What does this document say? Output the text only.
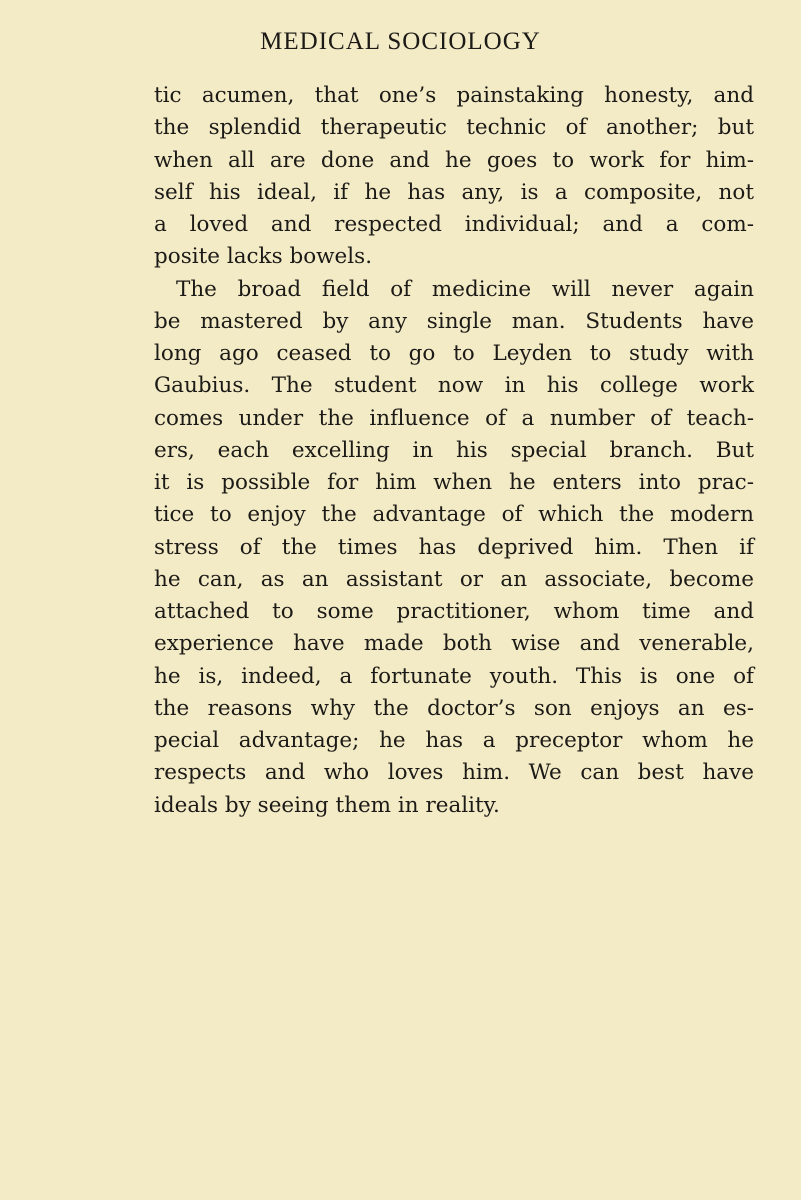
MEDICAL SOCIOLOGY
tic acumen, that one’s painstaking honesty, and
the splendid therapeutic technic of another; but
when all are done and he goes to work for him-
self his ideal, if he has any, is a composite, not
a loved and respected individual; and a com-
posite lacks bowels.
The broad field of medicine will never again
be mastered by any single man. Students have
long ago ceased to go to Leyden to study with
Gaubius. The student now in his college work
comes under the influence of a number of teach-
ers, each excelling in his special branch. But
it is possible for him when he enters into prac-
tice to enjoy the advantage of which the modern
stress of the times has deprived him. Then if
he can, as an assistant or an associate, become
attached to some practitioner, whom time and
experience have made both wise and venerable,
he is, indeed, a fortunate youth. This is one of
the reasons why the doctor’s son enjoys an es-
pecial advantage; he has a preceptor whom he
respects and who loves him. We can best have
ideals by seeing them in reality.
